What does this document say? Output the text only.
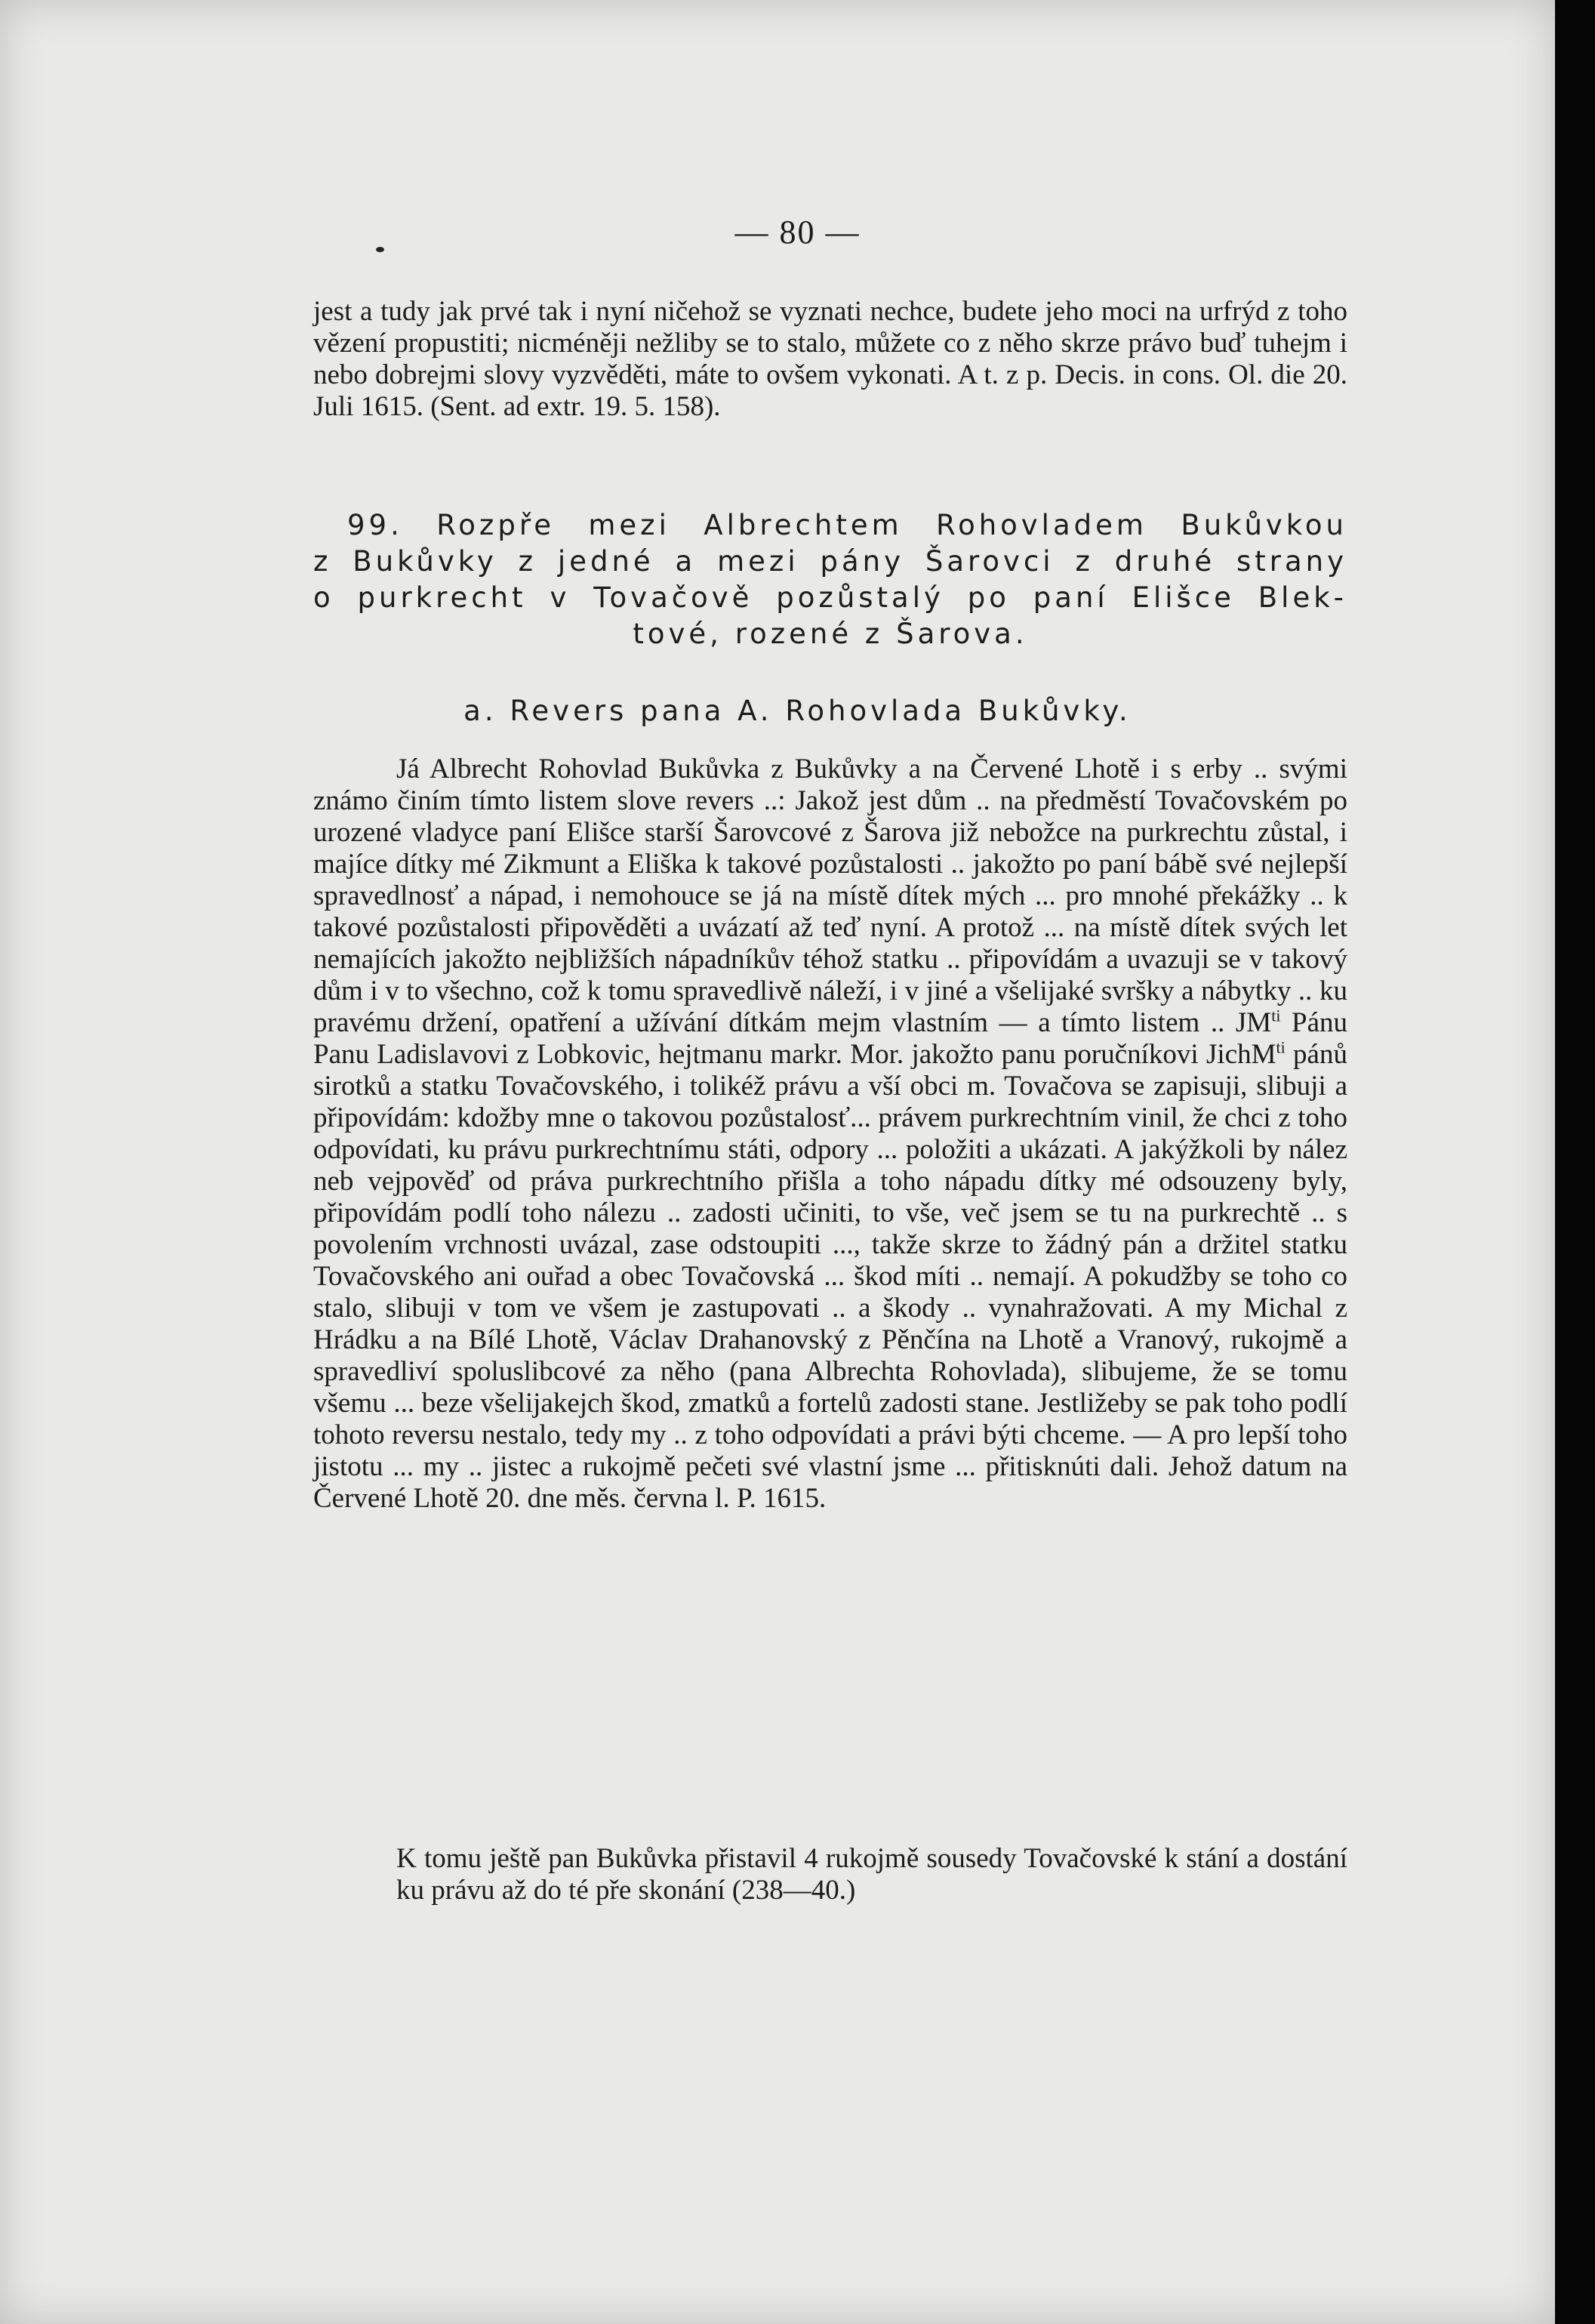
— 80 —
jest a tudy jak prvé tak i nyní ničehož se vyznati nechce, budete jeho moci na urfrýd z toho vězení propustiti; nicméněji nežliby se to stalo, můžete co z něho skrze právo buď tuhejm i nebo dobrejmi slovy vyzvěděti, máte to ovšem vykonati. A t. z p. Decis. in cons. Ol. die 20. Juli 1615. (Sent. ad extr. 19. 5. 158).
99. Rozpře mezi Albrechtem Rohovladem Bukůvkou
z Bukůvky z jedné a mezi pány Šarovci z druhé strany
o purkrecht v Tovačově pozůstalý po paní Elišce Blek-
tové, rozené z Šarova.
a. Revers pana A. Rohovlada Bukůvky.
Já Albrecht Rohovlad Bukůvka z Bukůvky a na Červené Lhotě i s erby .. svými známo činím tímto listem slove revers ..: Jakož jest dům .. na předměstí Tovačovském po urozené vladyce paní Elišce starší Šarovcové z Šarova již nebožce na purkrechtu zůstal, i majíce dítky mé Zikmunt a Eliška k takové pozůstalosti .. jakožto po paní bábě své nejlepší spravedlnosť a nápad, i nemohouce se já na místě dítek mých ... pro mnohé překážky .. k takové pozůstalosti připověděti a uvázatí až teď nyní. A protož ... na místě dítek svých let nemajících jakožto nejbližších nápadníkův téhož statku .. připovídám a uvazuji se v takový dům i v to všechno, což k tomu spravedlivě náleží, i v jiné a všelijaké svršky a nábytky .. ku pravému držení, opatření a užívání dítkám mejm vlastním — a tímto listem .. $JM^{ti}$ Pánu Panu Ladislavovi z Lobkovic, hejtmanu markr. Mor. jakožto panu poručníkovi JichM$^{ti}$ pánů sirotků a statku Tovačovského, i tolikéž právu a vší obci m. Tovačova se zapisuji, slibuji a připovídám: kdožby mne o takovou pozůstalosť... právem purkrechtním vinil, že chci z toho odpovídati, ku právu purkrechtnímu státi, odpory ... položiti a ukázati. A jakýžkoli by nález neb vejpověď od práva purkrechtního přišla a toho nápadu dítky mé odsouzeny byly, připovídám podlí toho nálezu .. zadosti učiniti, to vše, več jsem se tu na purkrechtě .. s povolením vrchnosti uvázal, zase odstoupiti ..., takže skrze to žádný pán a držitel statku Tovačovského ani ouřad a obec Tovačovská ... škod míti .. nemají. A pokudžby se toho co stalo, slibuji v tom ve všem je zastupovati .. a škody .. vynahražovati. A my Michal z Hrádku a na Bílé Lhotě, Václav Drahanovský z Pěnčína na Lhotě a Vranový, rukojmě a spravedliví spoluslibcové za něho (pana Albrechta Rohovlada), slibujeme, že se tomu všemu ... beze všelijakejch škod, zmatků a fortelů zadosti stane. Jestližeby se pak toho podlí tohoto reversu nestalo, tedy my .. z toho odpovídati a právi býti chceme. — A pro lepší toho jistotu ... my .. jistec a rukojmě pečeti své vlastní jsme ... přitisknúti dali. Jehož datum na Červené Lhotě 20. dne měs. června l. P. 1615.
K tomu ještě pan Bukůvka přistavil 4 rukojmě sousedy Tovačovské k stání a dostání ku právu až do té pře skonání (238—40.)
